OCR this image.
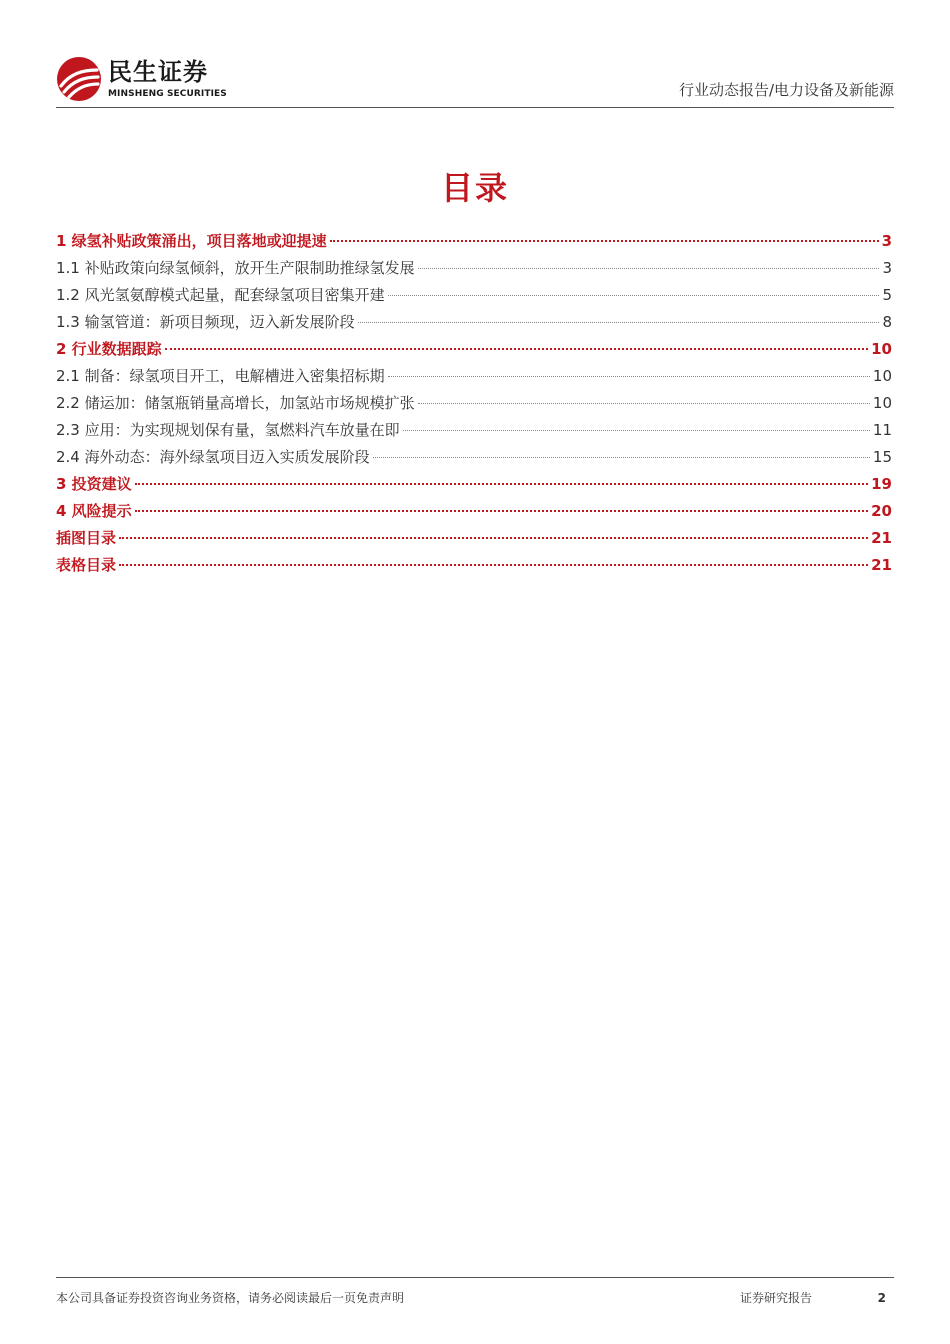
民生证券
MINSHENG SECURITIES	行业动态报告/电力设备及新能源
目录
1 绿氢补贴政策涌出，项目落地或迎提速	3
1.1 补贴政策向绿氢倾斜，放开生产限制助推绿氢发展	3
1.2 风光氢氨醇模式起量，配套绿氢项目密集开建	5
1.3 输氢管道：新项目频现，迈入新发展阶段	8
2 行业数据跟踪	10
2.1 制备：绿氢项目开工，电解槽进入密集招标期	10
2.2 储运加：储氢瓶销量高增长，加氢站市场规模扩张	10
2.3 应用：为实现规划保有量，氢燃料汽车放量在即	11
2.4 海外动态：海外绿氢项目迈入实质发展阶段	15
3 投资建议	19
4 风险提示	20
插图目录	21
表格目录	21
本公司具备证券投资咨询业务资格，请务必阅读最后一页免责声明	证券研究报告	2
